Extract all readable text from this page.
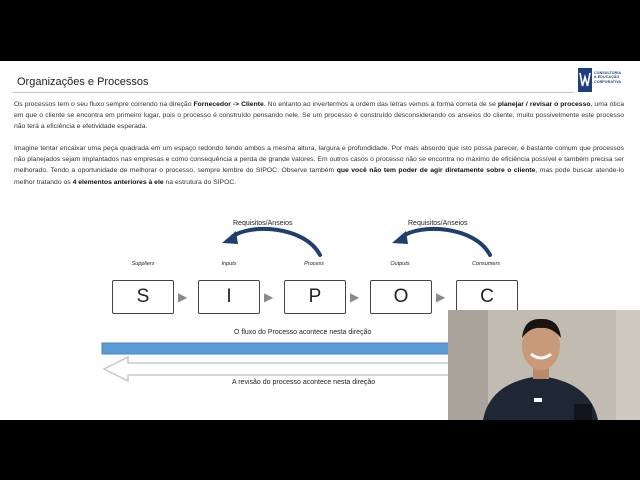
Organizações e Processos
CONSULTORIA
& EDUCAÇÃO
CORPORATIVA
Os processos tem o seu fluxo sempre correndo na direção Fornecedor -> Cliente. No entanto ao invertermos a ordem das letras vemos a forma correta de se planejar / revisar o processo, uma ótica em que o cliente se encontra em primeiro lugar, pois o processo é construído pensando nele. Se um processo é construído desconsiderando os anseios do cliente, muito possivelmente este processo não terá a eficiência e efetividade esperada.
Imagine tentar encaixar uma peça quadrada em um espaço redondo tendo ambos a mesma altura, largura e profundidade. Por mais absurdo que isto possa parecer, é bastante comum que processos não planejados sejam implantados nas empresas e como consequência a perda de grande valores. Em outros casos o processo não se encontra no máximo de eficiência possível e também precisa ser melhorado. Tendo a oportunidade de melhorar o processo, sempre lembre do SIPOC. Observe também que você não tem poder de agir diretamente sobre o cliente, mas pode buscar atende-lo melhor tratando os 4 elementos anteriores à ele na estrutura do SIPOC.
Requisitos/Anseios	Requisitos/Anseios
Suppliers	Inputs	Process	Outputs	Consumers
S	▶	I	▶	P	▶	O	▶	C
O fluxo do Processo acontece nesta direção
A revisão do processo acontece nesta direção
